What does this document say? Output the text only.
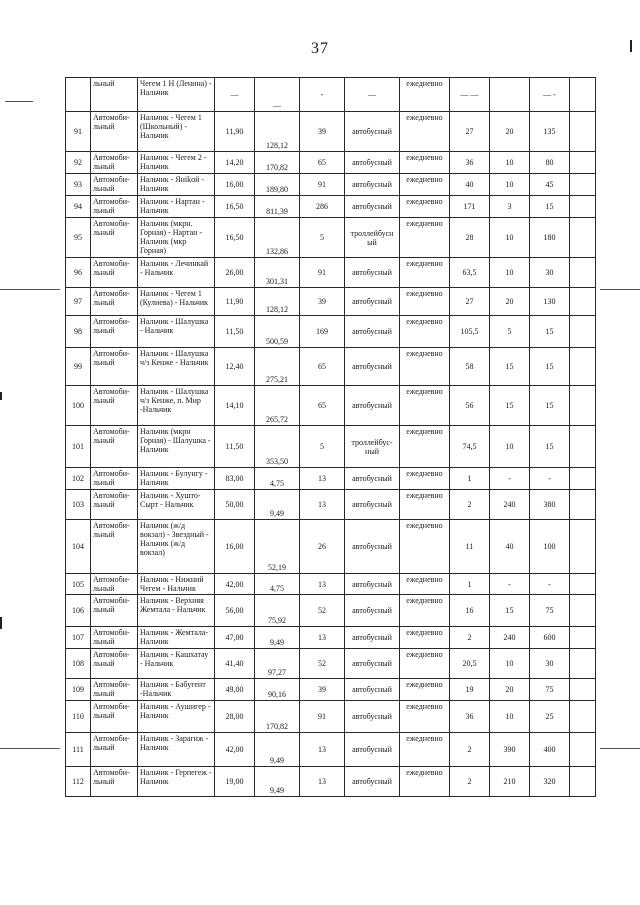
37
	льный	Чегем 1 Н (Ленина) - Нальчик	—	—	-	—	ежедневно	— —		— -	
91	Автомоби-льный	Нальчик - Чегем 1 (Школьный) - Нальчик	11,90	128,12	39	автобусный	ежедневно	27	20	135	
92	Автомоби-льный	Нальчик - Чегем 2 - Нальчик	14,20	170,82	65	автобусный	ежедневно	36	10	80	
93	Автомоби-льный	Нальчик - Янikoй - Нальчик	16,00	189,80	91	автобусный	ежедневно	40	10	45	
94	Автомоби-льный	Нальчик - Нартан - Нальчик	16,50	811,39	286	автобусный	ежедневно	171	3	15	
95	Автомоби-льный	Нальчик (мкрн. Горная) - Нартан - Нальчик (мкр Горная)	16,50	132,86	5	троллейбусн ый	ежедневно	28	10	180	
96	Автомоби-льный	Нальчик - Лечинкай - Нальчик	26,00	301,31	91	автобусный	ежедневно	63,5	10	30	
97	Автомоби-льный	Нальчик - Чегем 1 (Кулиева) - Нальчик	11,90	128,12	39	автобусный	ежедневно	27	20	130	
98	Автомоби-льный	Нальчик - Шалушка - Нальчик	11,50	500,59	169	автобусный	ежедневно	105,5	5	15	
99	Автомоби-льный	Нальчик - Шалушка ч/з Кенже - Нальчик	12,40	275,21	65	автобусный	ежедневно	58	15	15	
100	Автомоби-льный	Нальчик - Шалушка ч/з Кенже, п. Мир -Нальчик	14,10	265,72	65	автобусный	ежедневно	56	15	15	
101	Автомоби-льный	Нальчик (мкрн Горная) - Шалушка - Нальчик	11,50	353,50	5	троллейбус-ный	ежедневно	74,5	10	15	
102	Автомоби-льный	Нальчик - Булунгу - Нальчик	83,00	4,75	13	автобусный	ежедневно	1	-	-	
103	Автомоби-льный	Нальчик - Хушто-Сырт - Нальчик	50,00	9,49	13	автобусный	ежедневно	2	240	380	
104	Автомоби-льный	Нальчик (ж/д вокзал) - Звездный - Нальчик (ж/д вокзал)	16,00	52,19	26	автобусный	ежедневно	11	40	100	
105	Автомоби-льный	Нальчик - Нижний Чегем - Нальчик	42,00	4,75	13	автобусный	ежедневно	1	-	-	
106	Автомоби-льный	Нальчик - Верхняя Жемтала - Нальчик	56,00	75,92	52	автобусный	ежедневно	16	15	75	
107	Автомоби-льный	Нальчик - Жемтала-Нальчик	47,00	9,49	13	автобусный	ежедневно	2	240	600	
108	Автомоби-льный	Нальчик - Кашхатау - Нальчик	41,40	97,27	52	автобусный	ежедневно	20,5	10	30	
109	Автомоби-льный	Нальчик - Бабугент -Нальчик	49,00	90,16	39	автобусный	ежедневно	19	20	75	
110	Автомоби-льный	Нальчик - Аушигер - Нальчик	28,00	170,82	91	автобусный	ежедневно	36	10	25	
111	Автомоби-льный	Нальчик - Зарагиж - Нальчик	42,00	9,49	13	автобусный	ежедневно	2	390	400	
112	Автомоби-льный	Нальчик - Герпегеж - Нальчик	19,00	9,49	13	автобусный	ежедневно	2	210	320	
